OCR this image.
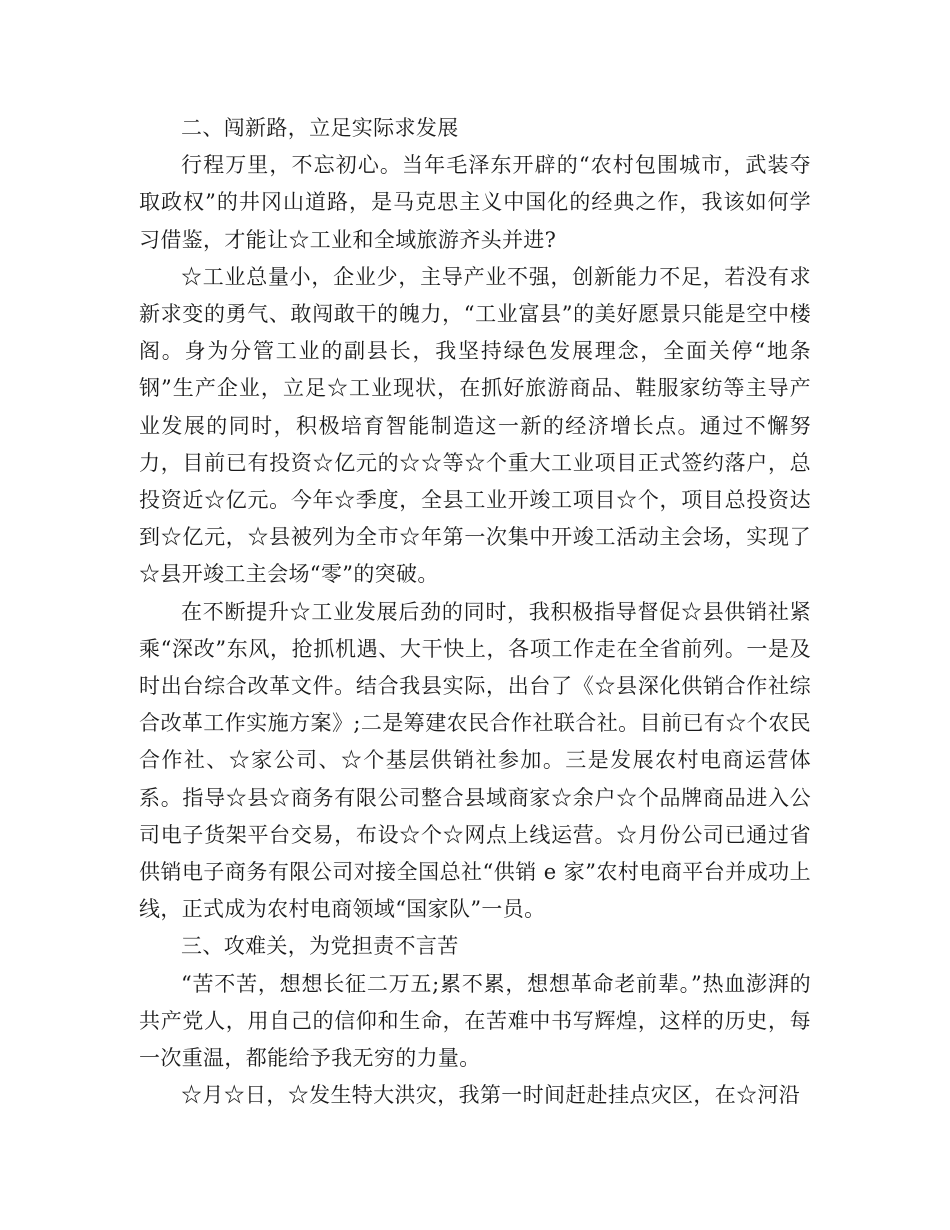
二、闯新路，立足实际求发展

行程万里，不忘初心。当年毛泽东开辟的“农村包围城市，武装夺取政权”的井冈山道路，是马克思主义中国化的经典之作，我该如何学习借鉴，才能让☆工业和全域旅游齐头并进?

☆工业总量小，企业少，主导产业不强，创新能力不足，若没有求新求变的勇气、敢闯敢干的魄力，“工业富县”的美好愿景只能是空中楼阁。身为分管工业的副县长，我坚持绿色发展理念，全面关停“地条钢”生产企业，立足☆工业现状，在抓好旅游商品、鞋服家纺等主导产业发展的同时，积极培育智能制造这一新的经济增长点。通过不懈努力，目前已有投资☆亿元的☆☆等☆个重大工业项目正式签约落户，总投资近☆亿元。今年☆季度，全县工业开竣工项目☆个，项目总投资达到☆亿元，☆县被列为全市☆年第一次集中开竣工活动主会场，实现了☆县开竣工主会场“零”的突破。

在不断提升☆工业发展后劲的同时，我积极指导督促☆县供销社紧乘“深改”东风，抢抓机遇、大干快上，各项工作走在全省前列。一是及时出台综合改革文件。结合我县实际，出台了《☆县深化供销合作社综合改革工作实施方案》;二是筹建农民合作社联合社。目前已有☆个农民合作社、☆家公司、☆个基层供销社参加。三是发展农村电商运营体系。指导☆县☆商务有限公司整合县域商家☆余户☆个品牌商品进入公司电子货架平台交易，布设☆个☆网点上线运营。☆月份公司已通过省供销电子商务有限公司对接全国总社“供销 e 家”农村电商平台并成功上线，正式成为农村电商领域“国家队”一员。

三、攻难关，为党担责不言苦

“苦不苦，想想长征二万五;累不累，想想革命老前辈。”热血澎湃的共产党人，用自己的信仰和生命，在苦难中书写辉煌，这样的历史，每一次重温，都能给予我无穷的力量。

☆月☆日，☆发生特大洪灾，我第一时间赶赴挂点灾区，在☆河沿
